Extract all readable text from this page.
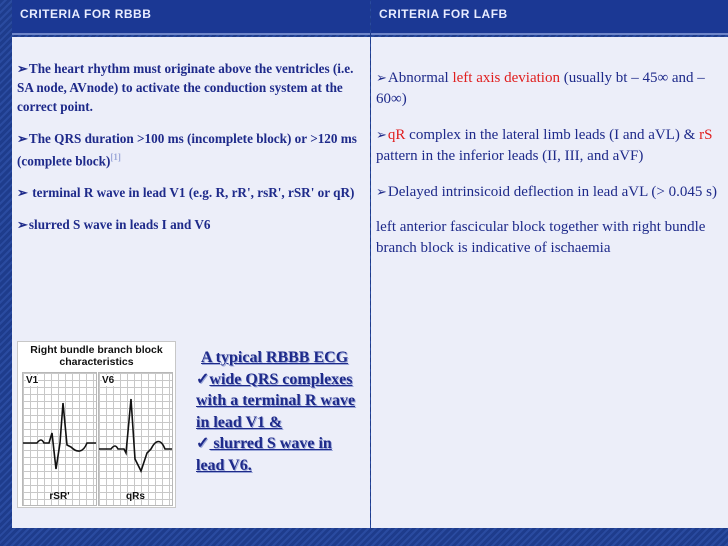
CRITERIA FOR RBBB

➢The heart rhythm must originate above the ventricles (i.e. SA node, AVnode) to activate the conduction system at the correct point.

➢The QRS duration >100 ms (incomplete block) or >120 ms (complete block)[1]

➢ terminal R wave in lead V1 (e.g. R, rR', rsR', rSR' or qR)

➢slurred S wave in leads I and V6

Right bundle branch block
characteristics
V1
rSR'
V6
qRs
A typical RBBB ECG
✓wide QRS complexes with a terminal R wave in lead V1 &
✓ slurred S wave in lead V6.
CRITERIA FOR LAFB

➢Abnormal left axis deviation (usually bt – 45∞ and –60∞)

➢qR complex in the lateral limb leads (I and aVL) & rS pattern in the inferior leads (II, III, and aVF)

➢Delayed intrinsicoid deflection in lead aVL (> 0.045 s)

left anterior fascicular block together with right bundle branch block is indicative of ischaemia
